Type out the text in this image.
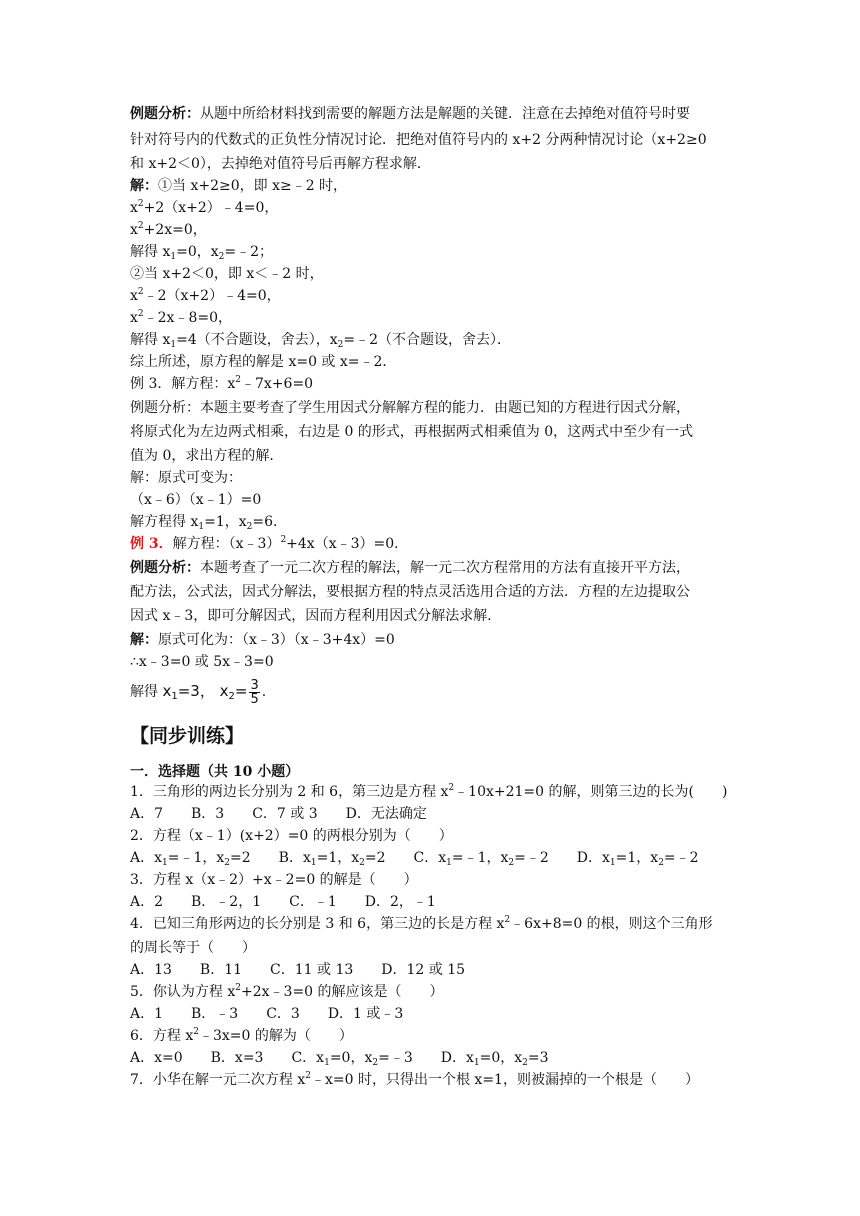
例题分析：从题中所给材料找到需要的解题方法是解题的关键．注意在去掉绝对值符号时要
针对符号内的代数式的正负性分情况讨论．把绝对值符号内的 x+2 分两种情况讨论（x+2≥0
和 x+2＜0），去掉绝对值符号后再解方程求解．
解：①当 x+2≥0，即 x≥﹣2 时，
$x^2+2(x+2)﹣4=0$，
$x^2+2x=0$，
解得 $x_1=0$，$x_2=﹣2$；
②当 x+2＜0，即 x＜﹣2 时，
$x^2﹣2(x+2)﹣4=0$，
$x^2﹣2x﹣8=0$，
解得 $x_1=4$（不合题设，舍去），$x_2=﹣2$（不合题设，舍去）．
综上所述，原方程的解是 x=0 或 x=﹣2．
例 3．解方程：$x^2﹣7x+6=0$
例题分析：本题主要考查了学生用因式分解解方程的能力．由题已知的方程进行因式分解，
将原式化为左边两式相乘，右边是 0 的形式，再根据两式相乘值为 0，这两式中至少有一式
值为 0，求出方程的解．
解：原式可变为：
（x﹣6）（x﹣1）=0
解方程得 $x_1=1$，$x_2=6$．
例 3．解方程：（x﹣3）$^2$+4x（x﹣3）=0．
例题分析：本题考查了一元二次方程的解法，解一元二次方程常用的方法有直接开平方法，
配方法，公式法，因式分解法，要根据方程的特点灵活选用合适的方法．方程的左边提取公
因式 x﹣3，即可分解因式，因而方程利用因式分解法求解．
解：原式可化为：（x﹣3）（x﹣3+4x）=0
∴x﹣3=0 或 5x﹣3=0
解得 $x_1=3$， $x_2= \frac{3}{5}$ .
【同步训练】
一．选择题（共 10 小题）
1．三角形的两边长分别为 2 和 6，第三边是方程 $x^2﹣10x+21=0$ 的解，则第三边的长为(　　)
A．7　　B．3　　C．7 或 3　　D．无法确定
2．方程（x﹣1）(x+2）=0 的两根分别为（　　）
A．$x_1=﹣1$，$x_2=2$　　B．$x_1=1$，$x_2=2$　　C．$x_1=﹣1$，$x_2=﹣2$　　D．$x_1=1$，$x_2=﹣2$
3．方程 x（x﹣2）+x﹣2=0 的解是（　　）
A．2　　B．﹣2，1　　C．﹣1　　D．2，﹣1
4．已知三角形两边的长分别是 3 和 6，第三边的长是方程 $x^2﹣6x+8=0$ 的根，则这个三角形
的周长等于（　　）
A．13　　B．11　　C．11 或 13　　D．12 或 15
5．你认为方程 $x^2+2x﹣3=0$ 的解应该是（　　）
A．1　　B．﹣3　　C．3　　D．1 或﹣3
6．方程 $x^2﹣3x=0$ 的解为（　　）
A．x=0　　B．x=3　　C．$x_1=0$，$x_2=﹣3$　　D．$x_1=0$，$x_2=3$
7．小华在解一元二次方程 $x^2﹣x=0$ 时，只得出一个根 x=1，则被漏掉的一个根是（　　）
